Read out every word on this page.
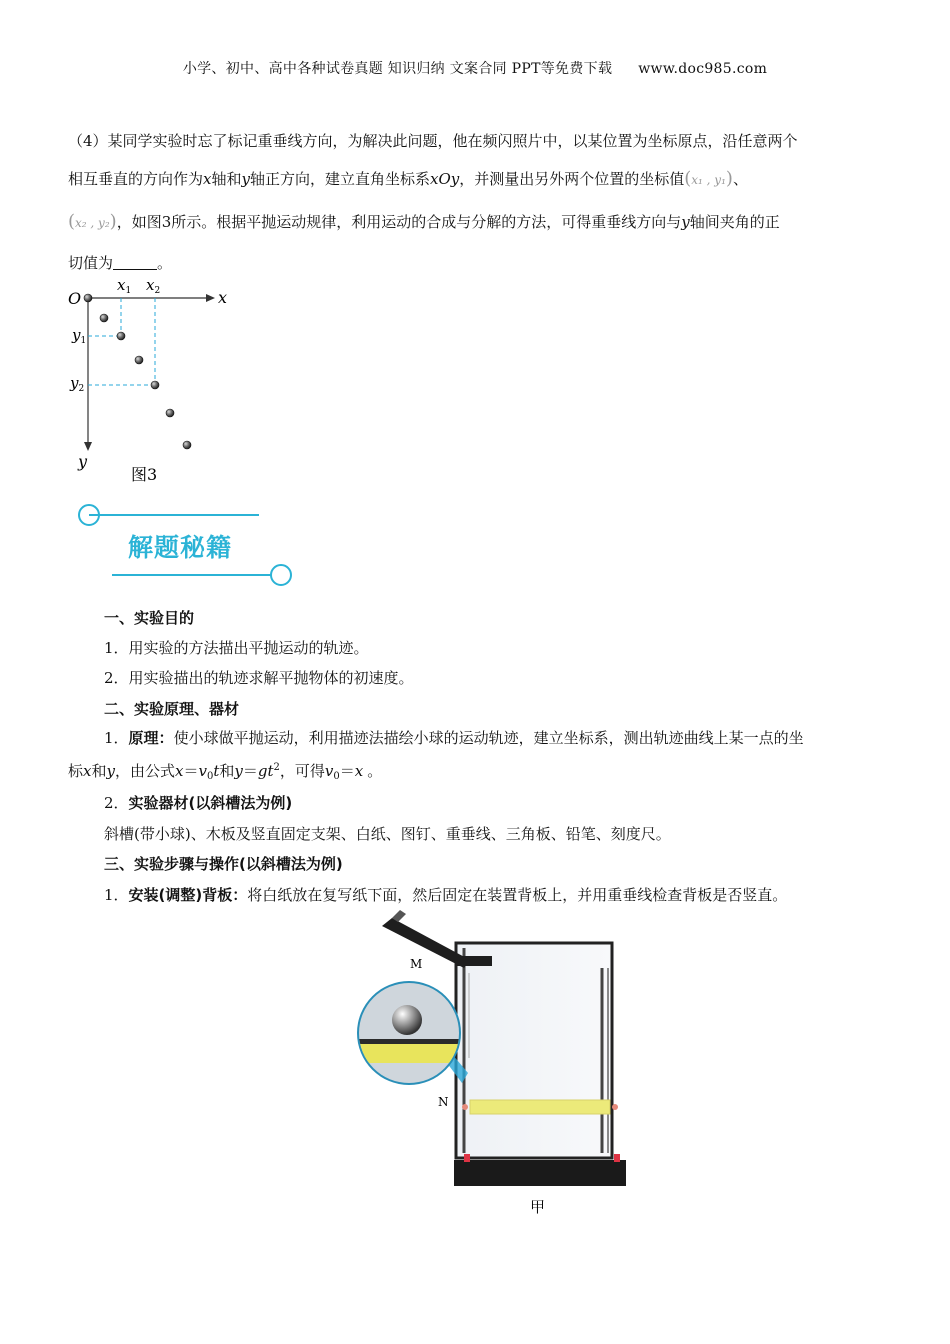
小学、初中、高中各种试卷真题 知识归纳 文案合同 PPT等免费下载 www.doc985.com
（4）某同学实验时忘了标记重垂线方向，为解决此问题，他在频闪照片中，以某位置为坐标原点，沿任意两个
相互垂直的方向作为x轴和y轴正方向，建立直角坐标系xOy，并测量出另外两个位置的坐标值(x₁ , y₁)、
(x₂ , y₂)，如图3所示。根据平抛运动规律，利用运动的合成与分解的方法，可得重垂线方向与y轴间夹角的正
切值为	。
O	x
y
$x_1$ $x_2$
$y_1$
$y_2$
图3
解题秘籍
一、实验目的
1．用实验的方法描出平抛运动的轨迹。
2．用实验描出的轨迹求解平抛物体的初速度。
二、实验原理、器材
1．原理：使小球做平抛运动，利用描迹法描绘小球的运动轨迹，建立坐标系，测出轨迹曲线上某一点的坐
标x和y，由公式$x=v_0t$和$y=gt^2$，可得$v_0=x$ 。
2．实验器材(以斜槽法为例)
斜槽(带小球)、木板及竖直固定支架、白纸、图钉、重垂线、三角板、铅笔、刻度尺。
三、实验步骤与操作(以斜槽法为例)
1．安装(调整)背板：将白纸放在复写纸下面，然后固定在装置背板上，并用重垂线检查背板是否竖直。
M
N
甲
